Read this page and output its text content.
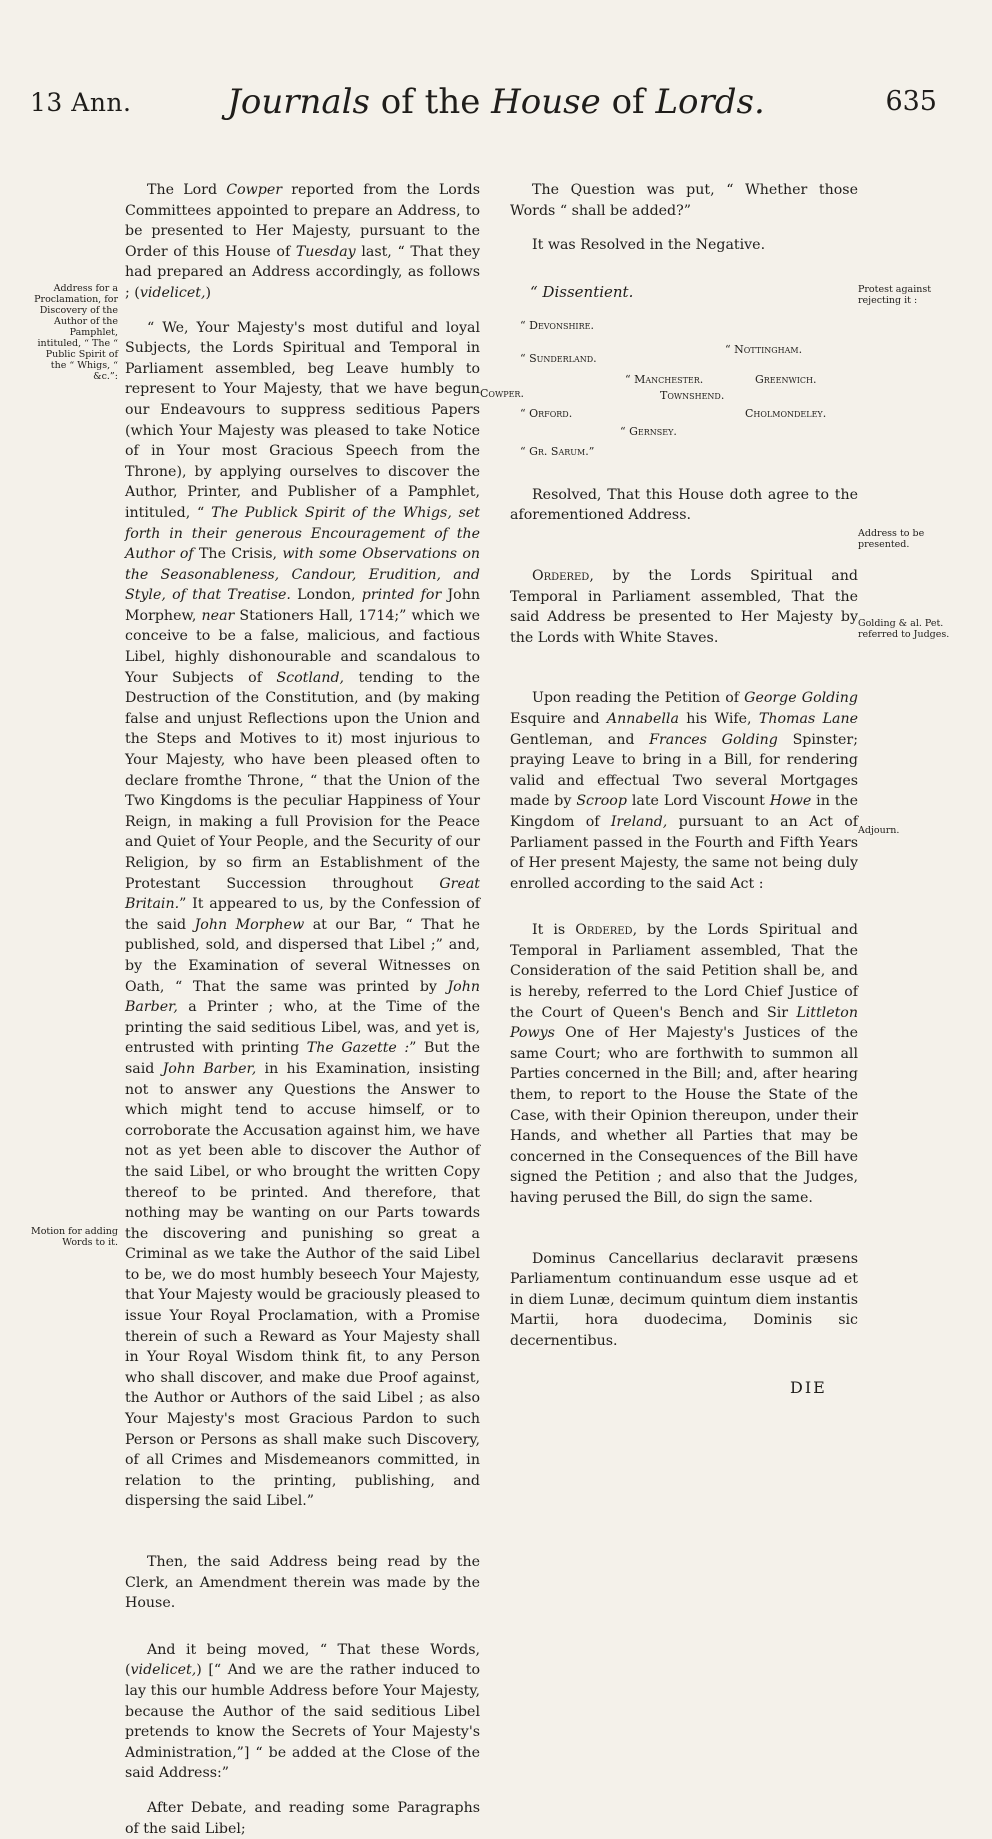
13 Ann.	Journals of the House of Lords.	635
Address for a Proclamation, for Discovery of the Author of the Pamphlet, intituled, “ The “ Public Spirit of the “ Whigs, “ &c.”:
Motion for adding Words to it.
Protest against rejecting it :
Address to be presented.
Golding & al. Pet. referred to Judges.
Adjourn.

The Lord Cowper reported from the Lords Committees appointed to prepare an Address, to be presented to Her Majesty, pursuant to the Order of this House of Tuesday last, “ That they had prepared an Address accordingly, as follows ; (videlicet,)

“ We, Your Majesty's most dutiful and loyal Subjects, the Lords Spiritual and Temporal in Parliament assembled, beg Leave humbly to represent to Your Majesty, that we have begun our Endeavours to suppress seditious Papers (which Your Majesty was pleased to take Notice of in Your most Gracious Speech from the Throne), by applying ourselves to discover the Author, Printer, and Publisher of a Pamphlet, intituled, “ The Publick Spirit of the Whigs, set forth in their generous Encouragement of the Author of The Crisis, with some Observations on the Seasonableness, Candour, Erudition, and Style, of that Treatise. London, printed for John Morphew, near Stationers Hall, 1714;” which we conceive to be a false, malicious, and factious Libel, highly dishonourable and scandalous to Your Subjects of Scotland, tending to the Destruction of the Constitution, and (by making false and unjust Reflections upon the Union and the Steps and Motives to it) most injurious to Your Majesty, who have been pleased often to declare fromthe Throne, “ that the Union of the Two Kingdoms is the peculiar Happiness of Your Reign, in making a full Provision for the Peace and Quiet of Your People, and the Security of our Religion, by so firm an Establishment of the Protestant Succession throughout Great Britain.” It appeared to us, by the Confession of the said John Morphew at our Bar, “ That he published, sold, and dispersed that Libel ;” and, by the Examination of several Witnesses on Oath, “ That the same was printed by John Barber, a Printer ; who, at the Time of the printing the said seditious Libel, was, and yet is, entrusted with printing The Gazette :” But the said John Barber, in his Examination, insisting not to answer any Questions the Answer to which might tend to accuse himself, or to corroborate the Accusation against him, we have not as yet been able to discover the Author of the said Libel, or who brought the written Copy thereof to be printed. And therefore, that nothing may be wanting on our Parts towards the discovering and punishing so great a Criminal as we take the Author of the said Libel to be, we do most humbly beseech Your Majesty, that Your Majesty would be graciously pleased to issue Your Royal Proclamation, with a Promise therein of such a Reward as Your Majesty shall in Your Royal Wisdom think fit, to any Person who shall discover, and make due Proof against, the Author or Authors of the said Libel ; as also Your Majesty's most Gracious Pardon to such Person or Persons as shall make such Discovery, of all Crimes and Misdemeanors committed, in relation to the printing, publishing, and dispersing the said Libel.”

Then, the said Address being read by the Clerk, an Amendment therein was made by the House.

And it being moved, “ That these Words, (videlicet,) [“ And we are the rather induced to lay this our humble Address before Your Majesty, because the Author of the said seditious Libel pretends to know the Secrets of Your Majesty's Administration,”] “ be added at the Close of the said Address:”

After Debate, and reading some Paragraphs of the said Libel;

The Question was put, “ Whether those Words “ shall be added?”

It was Resolved in the Negative.

“ Dissentient.
“ Devonshire.
“ Sunderland.
“ Nottingham.
“ Manchester.	Greenwich.
Townshend.
Cowper.
“ Orford.	Cholmondeley.
“ Gernsey.
“ Gr. Sarum.”

Resolved, That this House doth agree to the aforementioned Address.

Ordered, by the Lords Spiritual and Temporal in Parliament assembled, That the said Address be presented to Her Majesty by the Lords with White Staves.

Upon reading the Petition of George Golding Esquire and Annabella his Wife, Thomas Lane Gentleman, and Frances Golding Spinster; praying Leave to bring in a Bill, for rendering valid and effectual Two several Mortgages made by Scroop late Lord Viscount Howe in the Kingdom of Ireland, pursuant to an Act of Parliament passed in the Fourth and Fifth Years of Her present Majesty, the same not being duly enrolled according to the said Act :

It is Ordered, by the Lords Spiritual and Temporal in Parliament assembled, That the Consideration of the said Petition shall be, and is hereby, referred to the Lord Chief Justice of the Court of Queen's Bench and Sir Littleton Powys One of Her Majesty's Justices of the same Court; who are forthwith to summon all Parties concerned in the Bill; and, after hearing them, to report to the House the State of the Case, with their Opinion thereupon, under their Hands, and whether all Parties that may be concerned in the Consequences of the Bill have signed the Petition ; and also that the Judges, having perused the Bill, do sign the same.

Dominus Cancellarius declaravit præsens Parliamentum continuandum esse usque ad et in diem Lunæ, decimum quintum diem instantis Martii, hora duodecima, Dominis sic decernentibus.

DIE
